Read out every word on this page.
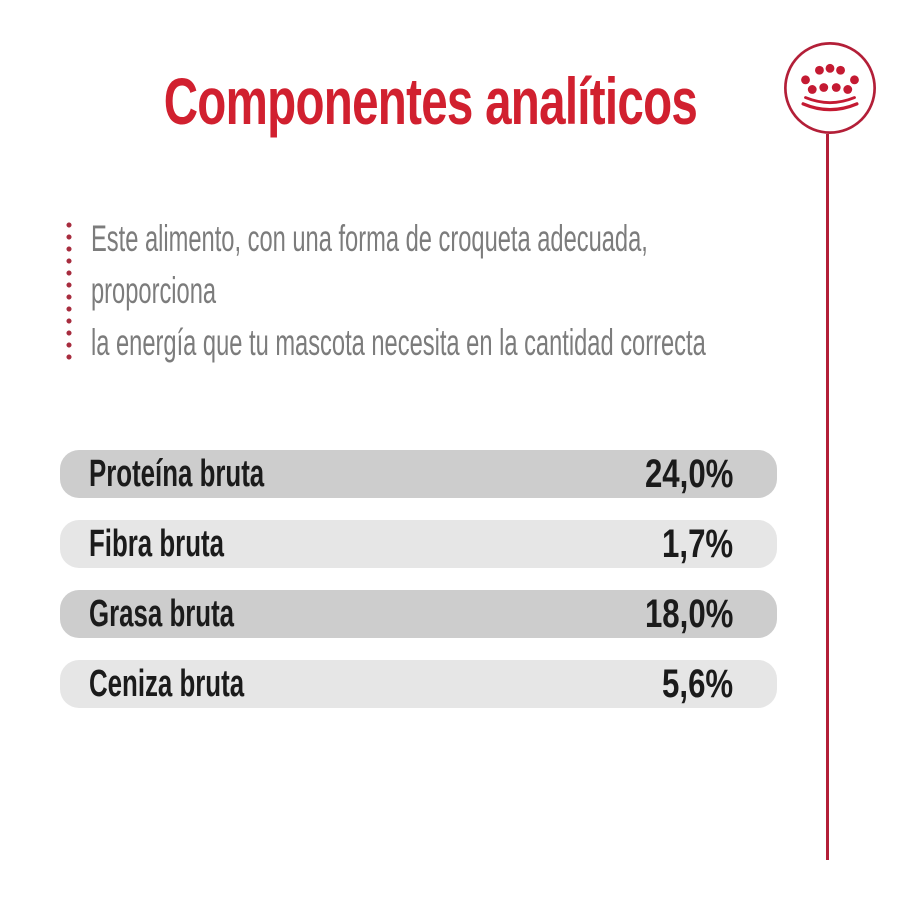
Componentes analíticos
Este alimento, con una forma de croqueta adecuada,
proporciona
la energía que tu mascota necesita en la cantidad correcta
Proteína bruta	24,0%
Fibra bruta	1,7%
Grasa bruta	18,0%
Ceniza bruta	5,6%
